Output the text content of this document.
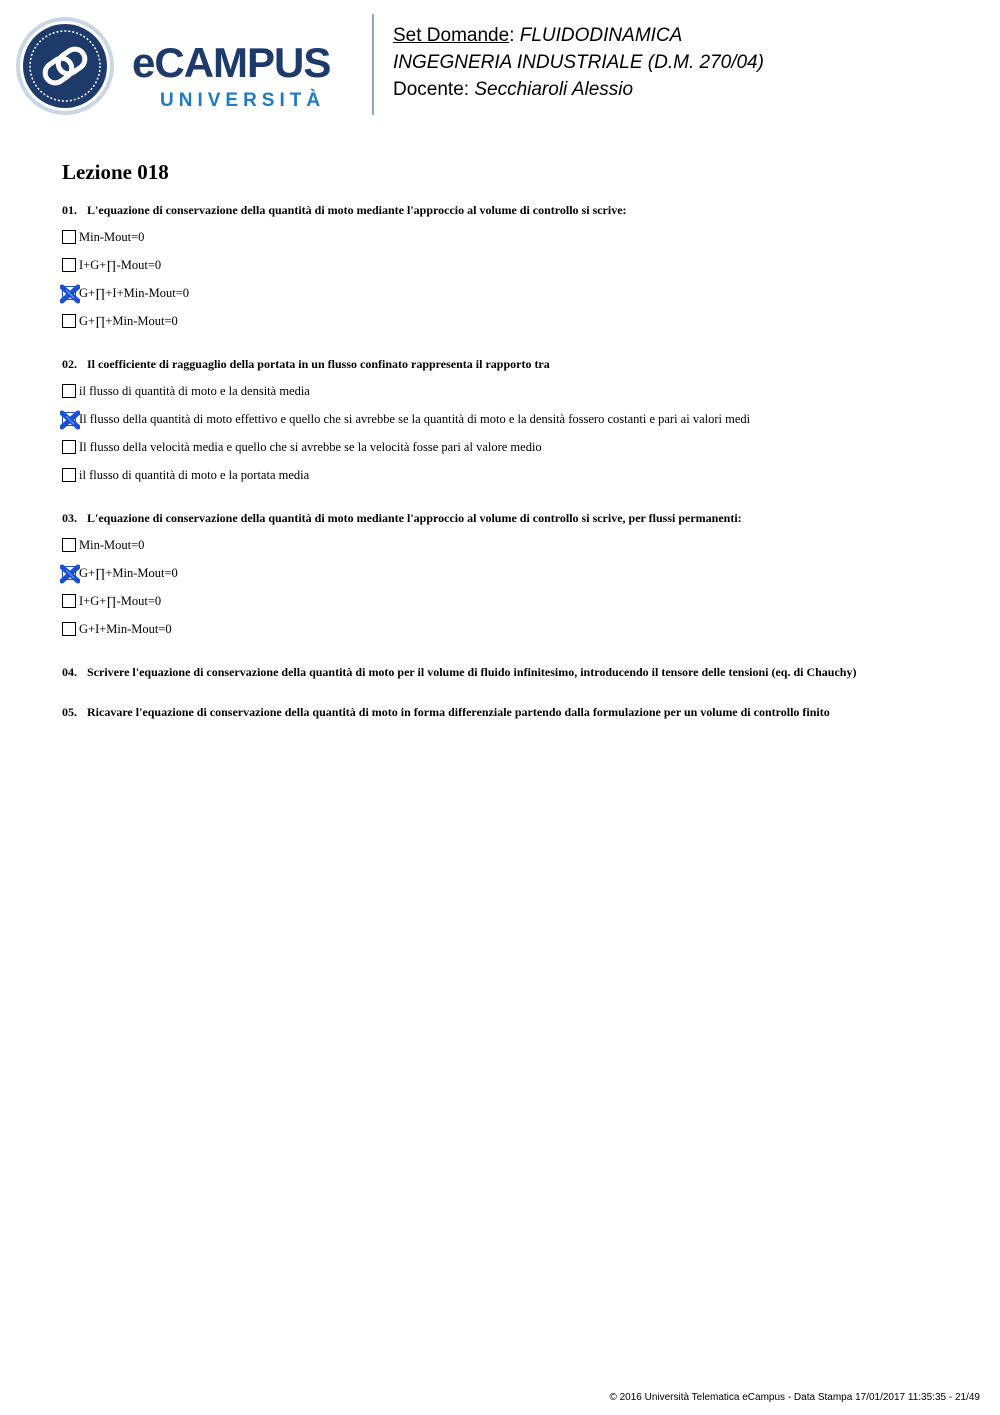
eCAMPUS
UNIVERSITÀ
Set Domande: FLUIDODINAMICA
INGEGNERIA INDUSTRIALE (D.M. 270/04)
Docente: Secchiaroli Alessio
Lezione 018
01. L'equazione di conservazione della quantità di moto mediante l'approccio al volume di controllo si scrive:
Min-Mout=0
I+G+∏-Mout=0
G+∏+I+Min-Mout=0
G+∏+Min-Mout=0
02. Il coefficiente di ragguaglio della portata in un flusso confinato rappresenta il rapporto tra
il flusso di quantità di moto e la densità media
Il flusso della quantità di moto effettivo e quello che si avrebbe se la quantità di moto e la densità fossero costanti e pari ai valori medi
Il flusso della velocità media e quello che si avrebbe se la velocità fosse pari al valore medio
il flusso di quantità di moto e la portata media
03. L'equazione di conservazione della quantità di moto mediante l'approccio al volume di controllo si scrive, per flussi permanenti:
Min-Mout=0
G+∏+Min-Mout=0
I+G+∏-Mout=0
G+I+Min-Mout=0
04. Scrivere l'equazione di conservazione della quantità di moto per il volume di fluido infinitesimo, introducendo il tensore delle tensioni (eq. di Chauchy)
05. Ricavare l'equazione di conservazione della quantità di moto in forma differenziale partendo dalla formulazione per un volume di controllo finito
© 2016 Università Telematica eCampus - Data Stampa 17/01/2017 11:35:35 - 21/49
